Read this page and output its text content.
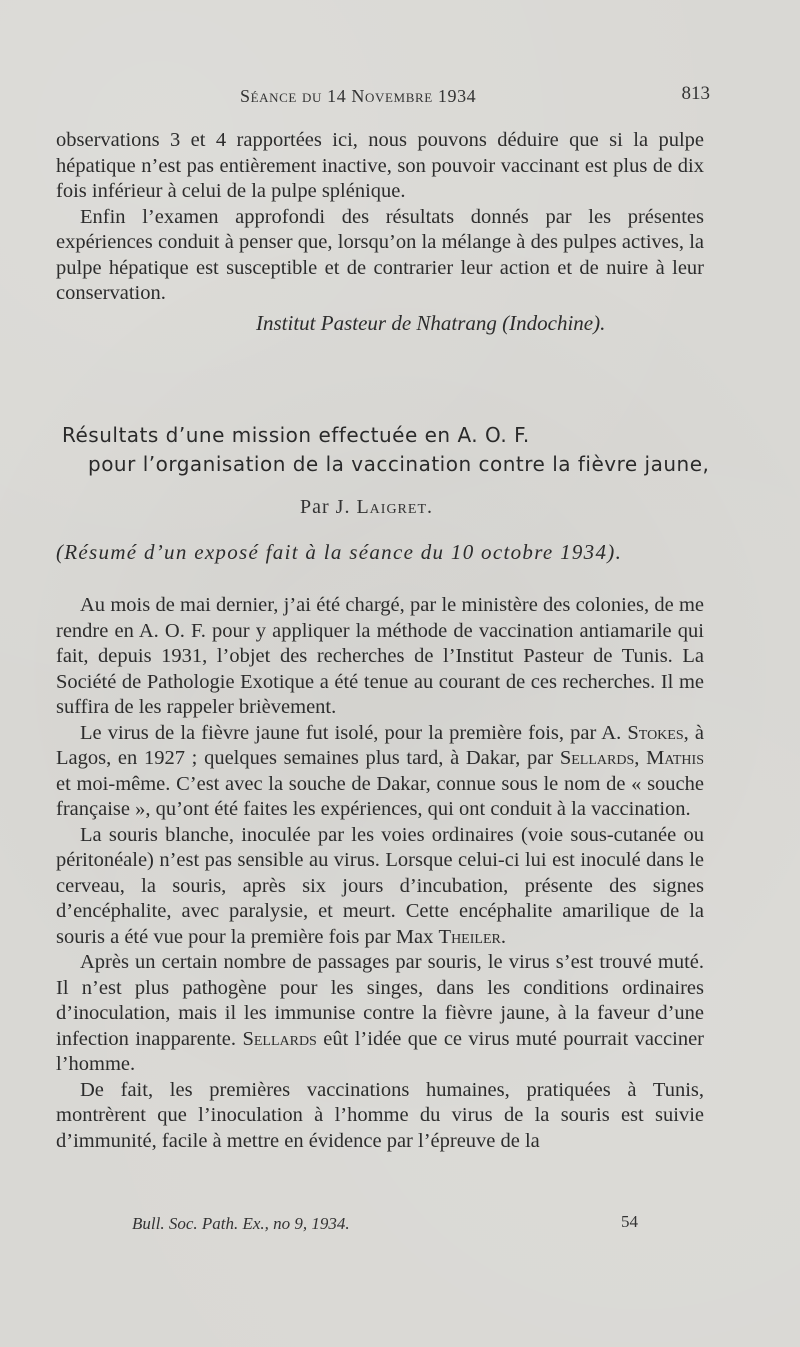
Séance du 14 Novembre 1934	813

observations 3 et 4 rapportées ici, nous pouvons déduire que si la pulpe hépatique n’est pas entièrement inactive, son pouvoir vaccinant est plus de dix fois inférieur à celui de la pulpe splénique.

Enfin l’examen approfondi des résultats donnés par les présentes expériences conduit à penser que, lorsqu’on la mélange à des pulpes actives, la pulpe hépatique est susceptible et de contrarier leur action et de nuire à leur conservation.

Institut Pasteur de Nhatrang (Indochine).
Résultats d’une mission effectuée en A. O. F.
pour l’organisation de la vaccination contre la fièvre jaune,
Par J. Laigret.
(Résumé d’un exposé fait à la séance du 10 octobre 1934).

Au mois de mai dernier, j’ai été chargé, par le ministère des colonies, de me rendre en A. O. F. pour y appliquer la méthode de vaccination antiamarile qui fait, depuis 1931, l’objet des recherches de l’Institut Pasteur de Tunis. La Société de Pathologie Exotique a été tenue au courant de ces recherches. Il me suffira de les rappeler brièvement.

Le virus de la fièvre jaune fut isolé, pour la première fois, par A. Stokes, à Lagos, en 1927 ; quelques semaines plus tard, à Dakar, par Sellards, Mathis et moi-même. C’est avec la souche de Dakar, connue sous le nom de « souche française », qu’ont été faites les expériences, qui ont conduit à la vaccination.

La souris blanche, inoculée par les voies ordinaires (voie sous-cutanée ou péritonéale) n’est pas sensible au virus. Lorsque celui-ci lui est inoculé dans le cerveau, la souris, après six jours d’incubation, présente des signes d’encéphalite, avec paralysie, et meurt. Cette encéphalite amarilique de la souris a été vue pour la première fois par Max Theiler.

Après un certain nombre de passages par souris, le virus s’est trouvé muté. Il n’est plus pathogène pour les singes, dans les conditions ordinaires d’inoculation, mais il les immunise contre la fièvre jaune, à la faveur d’une infection inapparente. Sellards eût l’idée que ce virus muté pourrait vacciner l’homme.

De fait, les premières vaccinations humaines, pratiquées à Tunis, montrèrent que l’inoculation à l’homme du virus de la souris est suivie d’immunité, facile à mettre en évidence par l’épreuve de la

Bull. Soc. Path. Ex., no 9, 1934.	54
